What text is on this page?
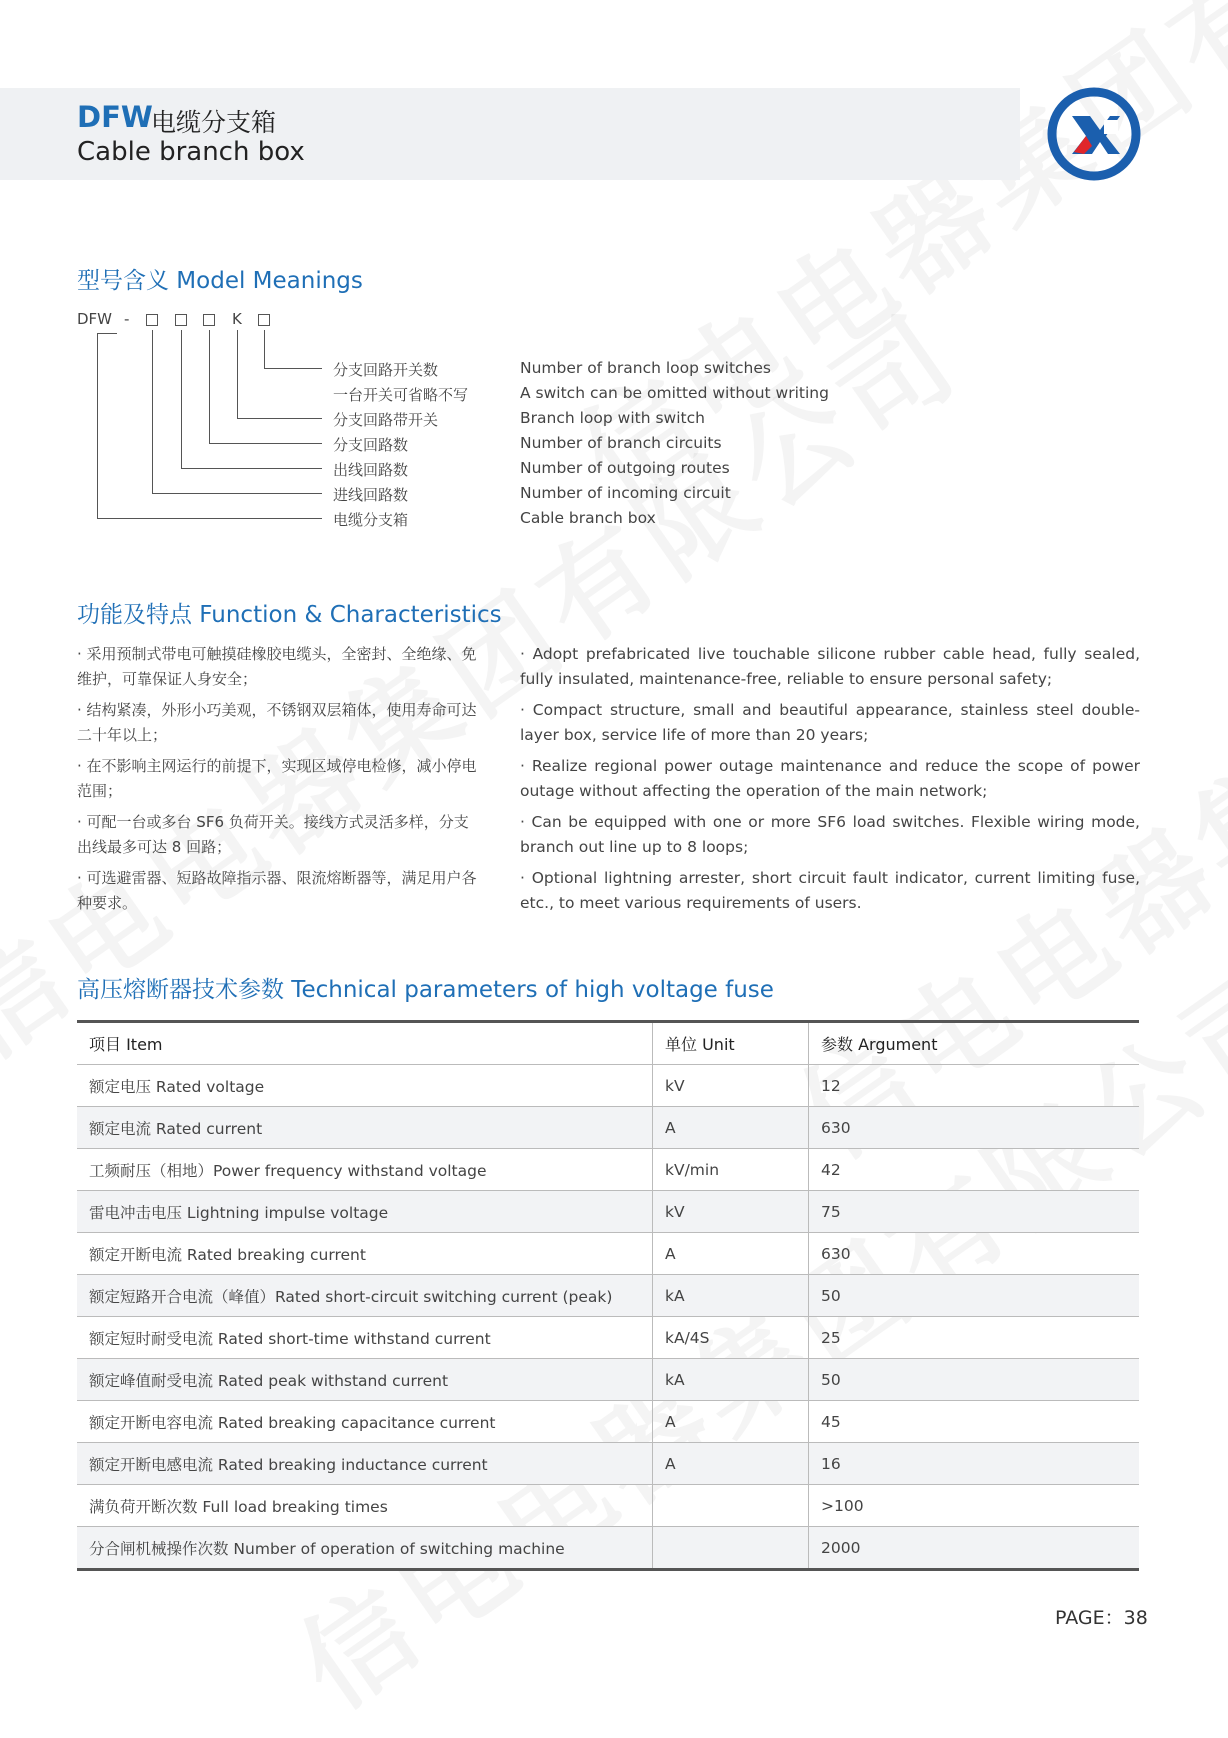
DFW
电缆分支箱
Cable branch box
型号含义 Model Meanings
DFW -	K
分支回路开关数
一台开关可省略不写
分支回路带开关
分支回路数
出线回路数
进线回路数
电缆分支箱
Number of branch loop switches
A switch can be omitted without writing
Branch loop with switch
Number of branch circuits
Number of outgoing routes
Number of incoming circuit
Cable branch box
功能及特点 Function & Characteristics
· 采用预制式带电可触摸硅橡胶电缆头，全密封、全绝缘、免维护，可靠保证人身安全；
· 结构紧凑，外形小巧美观，不锈钢双层箱体，使用寿命可达二十年以上；
· 在不影响主网运行的前提下，实现区域停电检修，减小停电范围；
· 可配一台或多台 SF6 负荷开关。接线方式灵活多样，分支 出线最多可达 8 回路；
· 可选避雷器、短路故障指示器、限流熔断器等，满足用户各种要求。
· Adopt prefabricated live touchable silicone rubber cable head, fully sealed, fully insulated, maintenance-free, reliable to ensure personal safety;
· Compact structure, small and beautiful appearance, stainless steel double-layer box, service life of more than 20 years;
· Realize regional power outage maintenance and reduce the scope of power outage without affecting the operation of the main network;
· Can be equipped with one or more SF6 load switches. Flexible wiring mode, branch out line up to 8 loops;
· Optional lightning arrester, short circuit fault indicator, current limiting fuse, etc., to meet various requirements of users.
高压熔断器技术参数 Technical parameters of high voltage fuse
项目 Item	单位 Unit	参数 Argument
额定电压 Rated voltage	kV	12
额定电流 Rated current	A	630
工频耐压（相地）Power frequency withstand voltage	kV/min	42
雷电冲击电压 Lightning impulse voltage	kV	75
额定开断电流 Rated breaking current	A	630
额定短路开合电流（峰值）Rated short-circuit switching current (peak)	kA	50
额定短时耐受电流 Rated short-time withstand current	kA/4S	25
额定峰值耐受电流 Rated peak withstand current	kA	50
额定开断电容电流 Rated breaking capacitance current	A	45
额定开断电感电流 Rated breaking inductance current	A	16
满负荷开断次数 Full load breaking times		>100
分合闸机械操作次数 Number of operation of switching machine		2000
PAGE：38
